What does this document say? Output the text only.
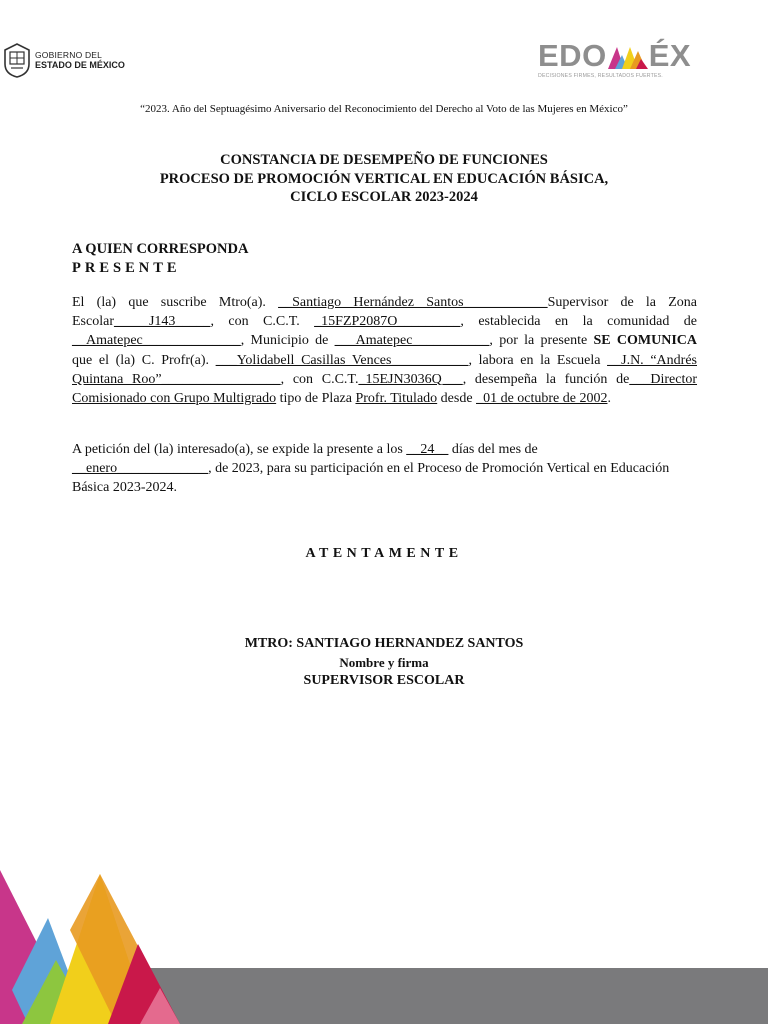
GOBIERNO DEL
ESTADO DE MÉXICO	EDO ÉX
DECISIONES FIRMES, RESULTADOS FUERTES.
“2023. Año del Septuagésimo Aniversario del Reconocimiento del Derecho al Voto de las Mujeres en México”
CONSTANCIA DE DESEMPEÑO DE FUNCIONES
PROCESO DE PROMOCIÓN VERTICAL EN EDUCACIÓN BÁSICA,
CICLO ESCOLAR 2023-2024
A QUIEN CORRESPONDA
PRESENTE
El (la) que suscribe Mtro(a). __Santiago Hernández Santos____________Supervisor de la Zona Escolar_____J143_____, con C.C.T. _15FZP2087O_________, establecida en la comunidad de __Amatepec______________, Municipio de ___Amatepec___________, por la presente SE COMUNICA que el (la) C. Profr(a). ___Yolidabell Casillas Vences___________, labora en la Escuela __J.N. “Andrés Quintana Roo”_________________, con C.C.T._15EJN3036Q___, desempeña la función de___Director Comisionado con Grupo Multigrado tipo de Plaza Profr. Titulado desde _01 de octubre de 2002.
A petición del (la) interesado(a), se expide la presente a los __24__ días del mes de
__enero_____________, de 2023, para su participación en el Proceso de Promoción Vertical en Educación Básica 2023-2024.
ATENTAMENTE
MTRO: SANTIAGO HERNANDEZ SANTOS
Nombre y firma
SUPERVISOR ESCOLAR
